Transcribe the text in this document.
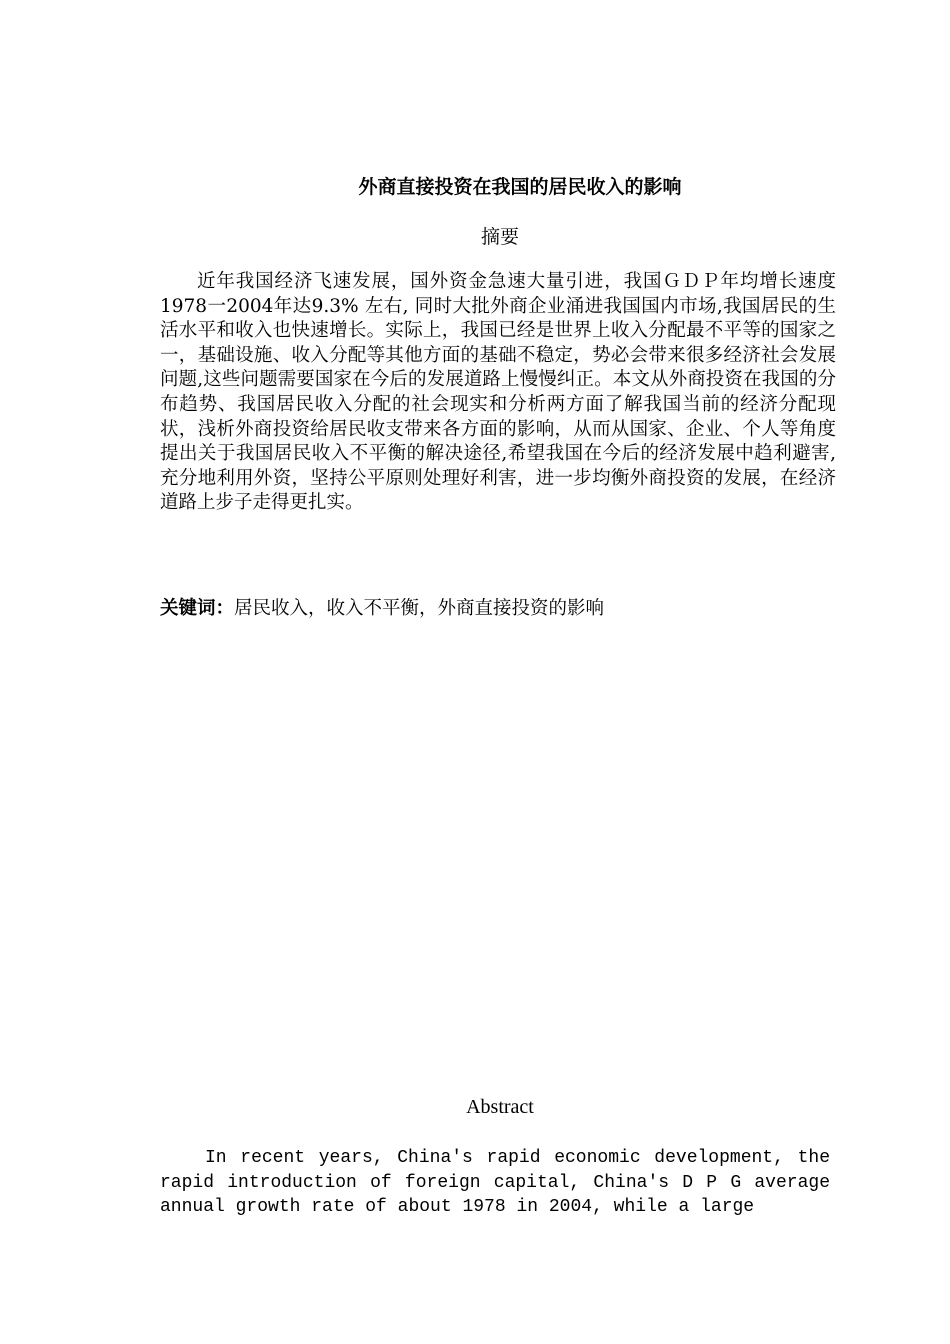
外商直接投资在我国的居民收入的影响
摘要

近年我国经济飞速发展，国外资金急速大量引进，我国ＧＤＰ年均增长速度1978一2004年达9.3% 左右, 同时大批外商企业涌进我国国内市场,我国居民的生活水平和收入也快速增长。实际上，我国已经是世界上收入分配最不平等的国家之一，基础设施、收入分配等其他方面的基础不稳定，势必会带来很多经济社会发展问题,这些问题需要国家在今后的发展道路上慢慢纠正。本文从外商投资在我国的分布趋势、我国居民收入分配的社会现实和分析两方面了解我国当前的经济分配现状，浅析外商投资给居民收支带来各方面的影响，从而从国家、企业、个人等角度提出关于我国居民收入不平衡的解决途径,希望我国在今后的经济发展中趋利避害,充分地利用外资，坚持公平原则处理好利害，进一步均衡外商投资的发展，在经济道路上步子走得更扎实。

关键词：居民收入，收入不平衡，外商直接投资的影响
Abstract

In recent years, China's rapid economic development, the rapid introduction of foreign capital, China's D P G average annual growth rate of about 1978 in 2004, while a large
